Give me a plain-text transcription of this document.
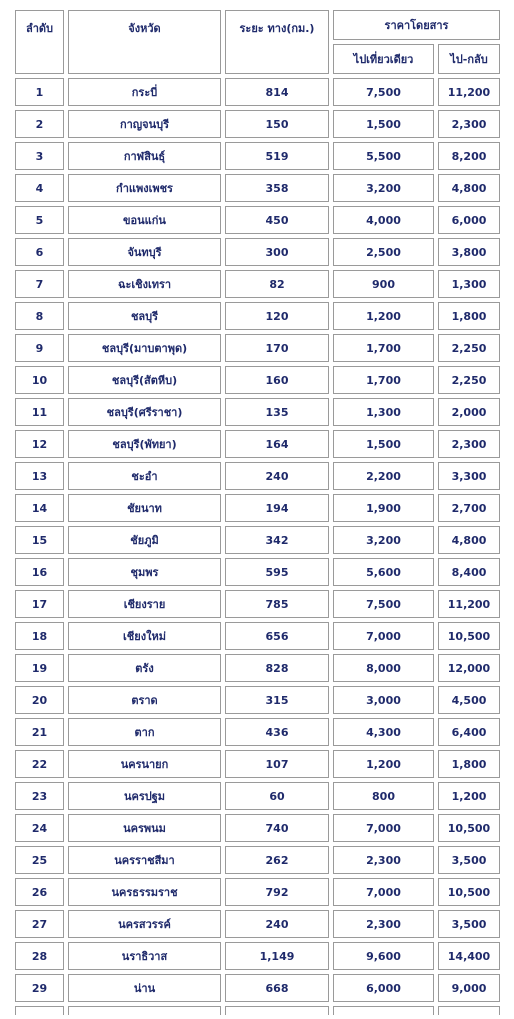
ลำดับ	จังหวัด	ระยะ ทาง(กม.)	ราคาโดยสาร	
			ไปเที่ยวเดียว	ไป-กลับ
1	กระบี่	814	7,500	11,200
2	กาญจนบุรี	150	1,500	2,300
3	กาฬสินธุ์	519	5,500	8,200
4	กำแพงเพชร	358	3,200	4,800
5	ขอนแก่น	450	4,000	6,000
6	จันทบุรี	300	2,500	3,800
7	ฉะเชิงเทรา	82	900	1,300
8	ชลบุรี	120	1,200	1,800
9	ชลบุรี(มาบตาพุด)	170	1,700	2,250
10	ชลบุรี(สัตหีบ)	160	1,700	2,250
11	ชลบุรี(ศรีราชา)	135	1,300	2,000
12	ชลบุรี(พัทยา)	164	1,500	2,300
13	ชะอำ	240	2,200	3,300
14	ชัยนาท	194	1,900	2,700
15	ชัยภูมิ	342	3,200	4,800
16	ชุมพร	595	5,600	8,400
17	เชียงราย	785	7,500	11,200
18	เชียงใหม่	656	7,000	10,500
19	ตรัง	828	8,000	12,000
20	ตราด	315	3,000	4,500
21	ตาก	436	4,300	6,400
22	นครนายก	107	1,200	1,800
23	นครปฐม	60	800	1,200
24	นครพนม	740	7,000	10,500
25	นครราชสีมา	262	2,300	3,500
26	นครธรรมราช	792	7,000	10,500
27	นครสวรรค์	240	2,300	3,500
28	นราธิวาส	1,149	9,600	14,400
29	น่าน	668	6,000	9,000
